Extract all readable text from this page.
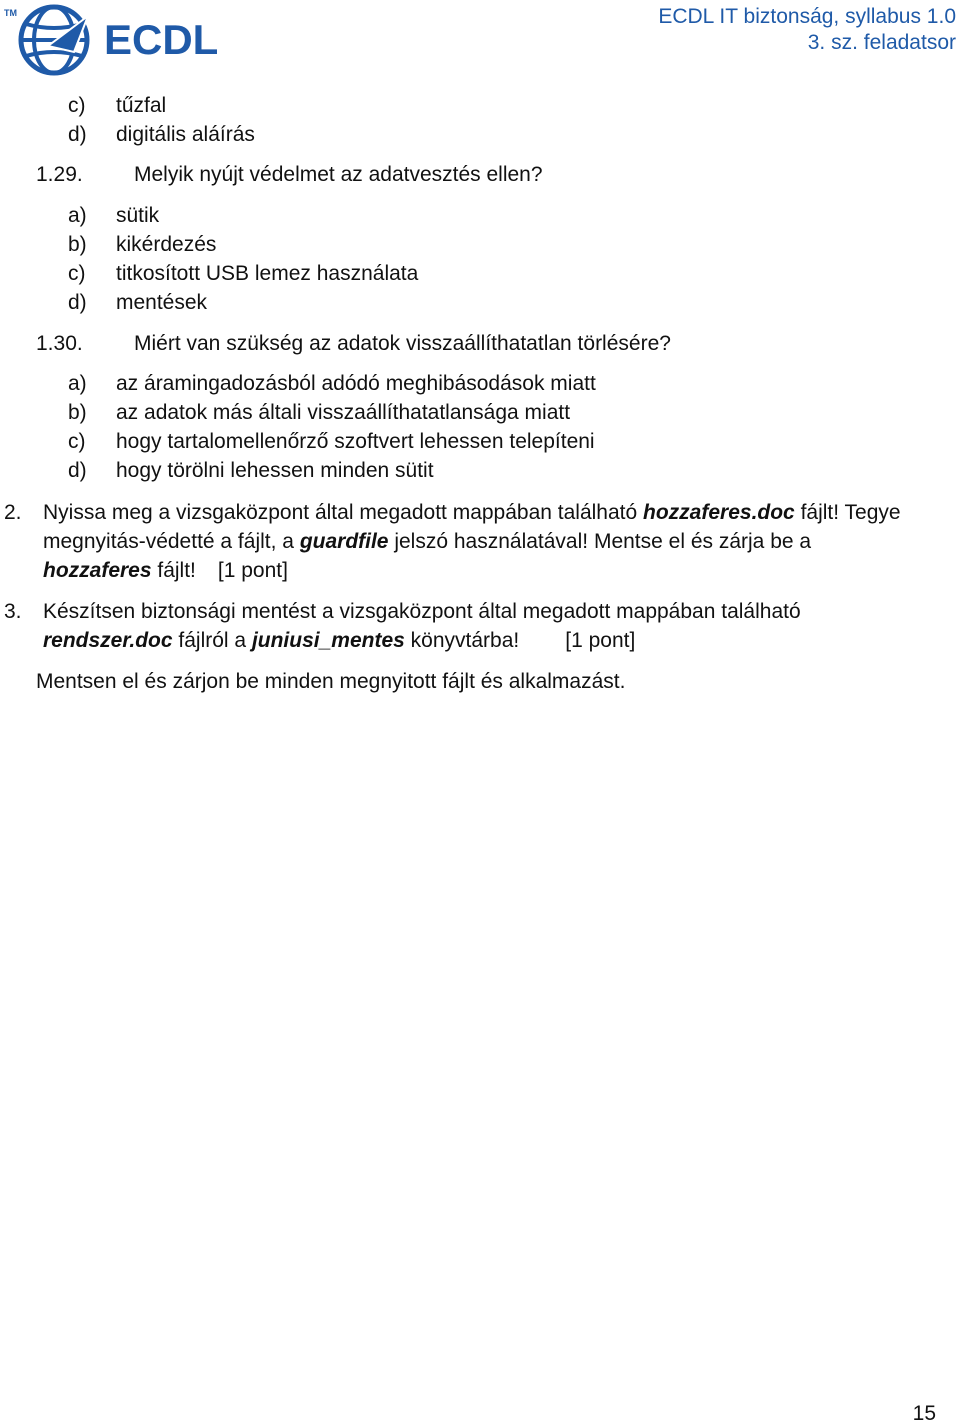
TM
ECDL	ECDL IT biztonság, syllabus 1.0
3. sz. feladatsor
c) tűzfal
d) digitális aláírás
1.29. Melyik nyújt védelmet az adatvesztés ellen?
a) sütik
b) kikérdezés
c) titkosított USB lemez használata
d) mentések
1.30. Miért van szükség az adatok visszaállíthatatlan törlésére?
a) az áramingadozásból adódó meghibásodások miatt
b) az adatok más általi visszaállíthatatlansága miatt
c) hogy tartalomellenőrző szoftvert lehessen telepíteni
d) hogy törölni lehessen minden sütit
2. Nyissa meg a vizsgaközpont által megadott mappában található hozzaferes.doc fájlt! Tegye
megnyitás-védetté a fájlt, a guardfile jelszó használatával! Mentse el és zárja be a
hozzaferes fájlt! [1 pont]
3. Készítsen biztonsági mentést a vizsgaközpont által megadott mappában található
rendszer.doc fájlról a juniusi_mentes könyvtárba! [1 pont]
Mentsen el és zárjon be minden megnyitott fájlt és alkalmazást.
15
